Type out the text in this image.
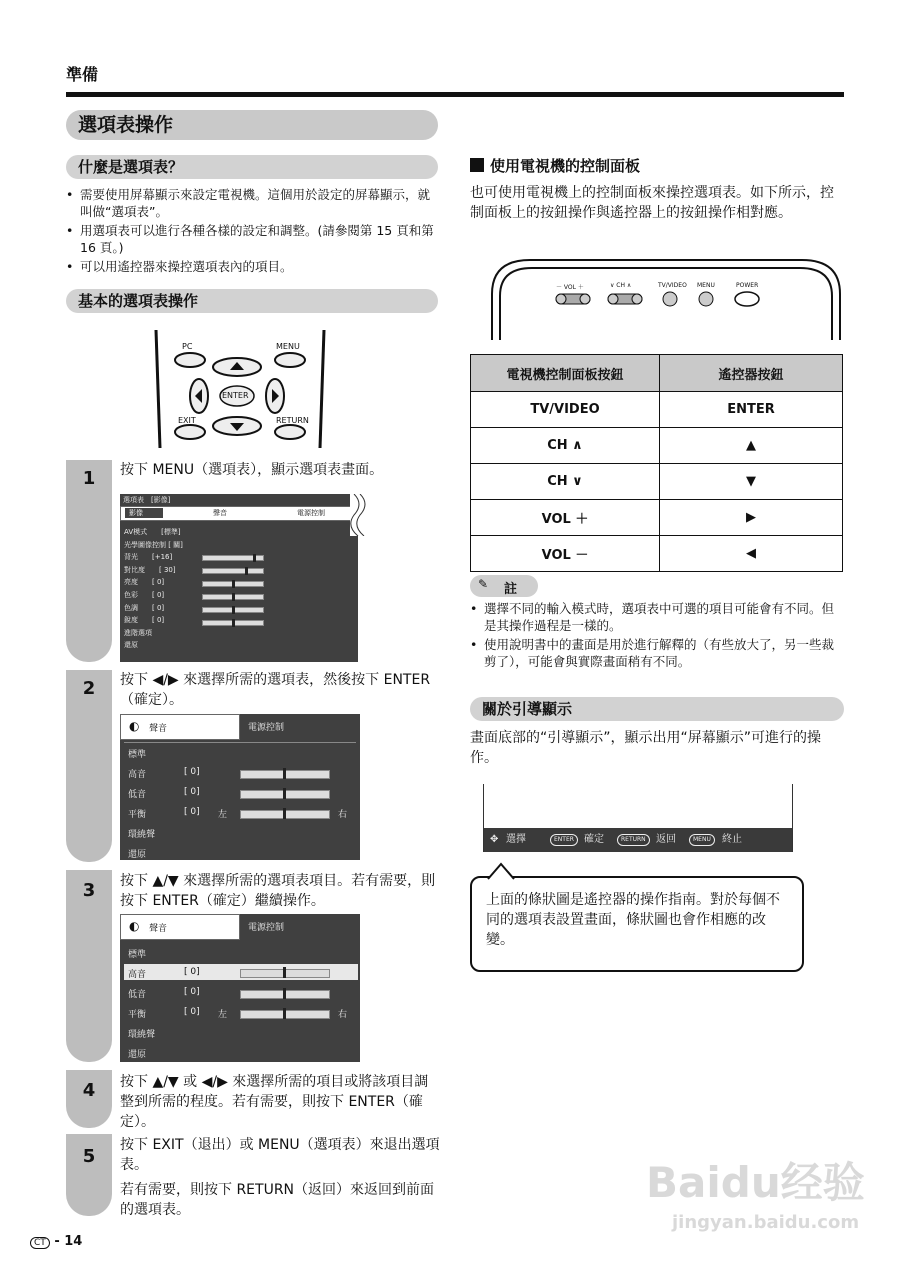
準備
選項表操作
什麼是選項表？
• 需要使用屏幕顯示來設定電視機。這個用於設定的屏幕顯示，就叫做“選項表”。
• 用選項表可以進行各種各樣的設定和調整。(請參閱第 15 頁和第 16 頁。)
• 可以用遙控器來操控選項表內的項目。
基本的選項表操作
PC	MENU
ENTER
EXIT	RETURN
1
2
3
4
5
按下 MENU（選項表），顯示選項表畫面。
按下 ◀/▶ 來選擇所需的選項表，然後按下 ENTER（確定）。
按下 ▲/▼ 來選擇所需的選項表項目。若有需要，則按下 ENTER（確定）繼續操作。
按下 ▲/▼ 或 ◀/▶ 來選擇所需的項目或將該項目調整到所需的程度。若有需要，則按下 ENTER（確定）。
按下 EXIT（退出）或 MENU（選項表）來退出選項表。
若有需要，則按下 RETURN（返回）來返回到前面的選項表。
選項表　[影像]
影像	聲音	電源控制
AV模式　　[標準]
光學圖像控制 [ 關]
背光　　[+16]
對比度　　[ 30]
亮度　　[ 0]
色彩　　[ 0]
色調　　[ 0]
銳度　　[ 0]
進階選項
還原
◐ 聲音	電源控制
標準
高音
低音
平衡
環繞聲
還原
[ 0]
[ 0]
[ 0] 左	右
◐ 聲音	電源控制
標準
高音
低音
平衡
環繞聲
還原
[ 0]
[ 0]
[ 0] 左	右
使用電視機的控制面板
也可使用電視機上的控制面板來操控選項表。如下所示，控制面板上的按鈕操作與遙控器上的按鈕操作相對應。
－ VOL ＋	∨ CH ∧	TV/VIDEO MENU	POWER
電視機控制面板按鈕	遙控器按鈕
TV/VIDEO	ENTER
CH ∧	▲
CH ∨	▼
VOL ＋	▶
VOL －	◀
✎ 註
• 選擇不同的輸入模式時，選項表中可選的項目可能會有不同。但是其操作過程是一樣的。
• 使用說明書中的畫面是用於進行解釋的（有些放大了，另一些裁剪了），可能會與實際畫面稍有不同。
關於引導顯示
畫面底部的“引導顯示”，顯示出用“屏幕顯示”可進行的操作。
✥ 選擇	ENTER	確定	RETURN	返回	MENU	終止
上面的條狀圖是遙控器的操作指南。對於每個不同的選項表設置畫面，條狀圖也會作相應的改變。
CT - 14
Baidu经验
jingyan.baidu.com
